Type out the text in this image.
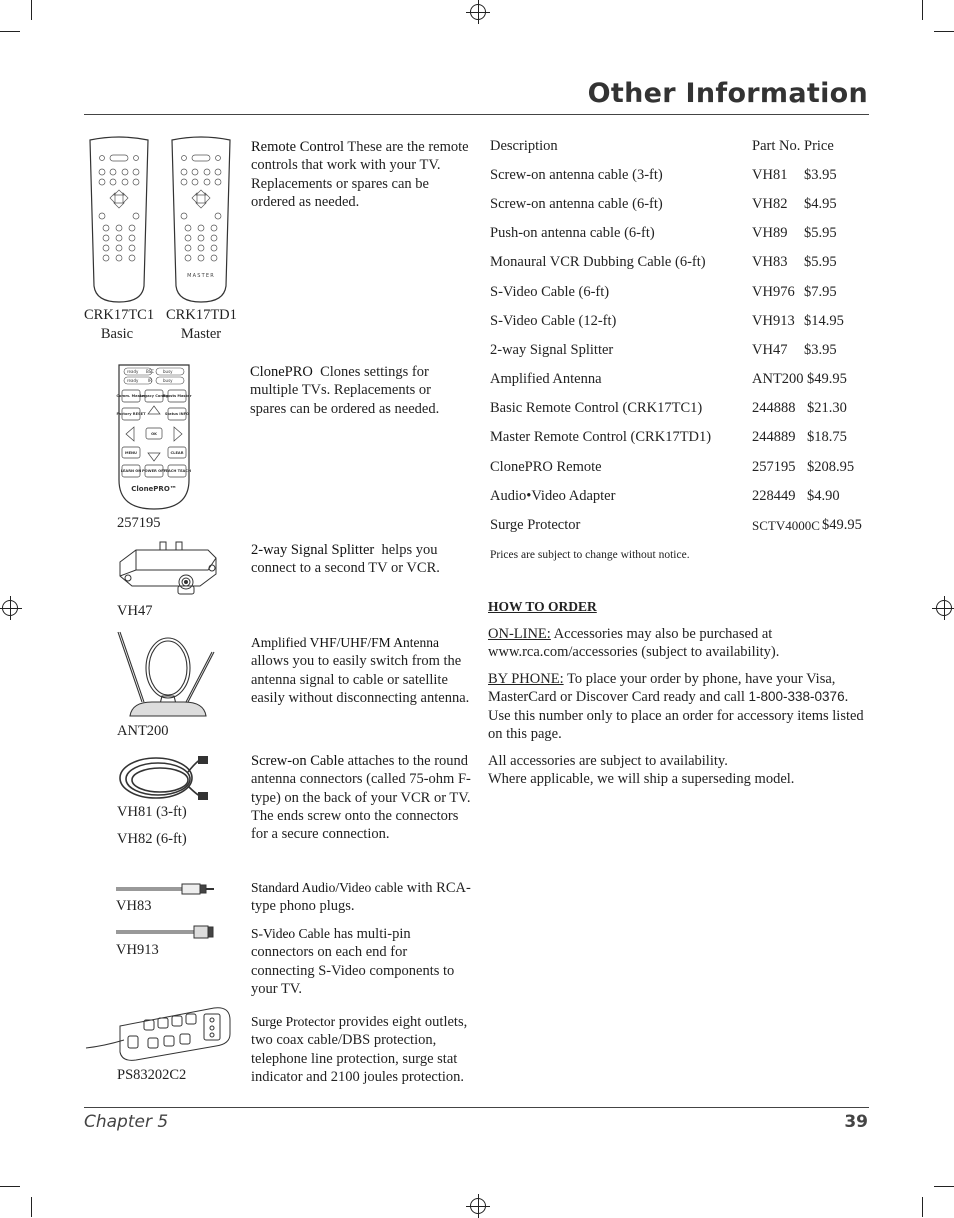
Other Information
MASTER
CRK17TC1
Basic
CRK17TD1
Master
Remote Control These are the remote controls that work with your TV. Replacements or spares can be ordered as needed.
ready BSC busy
ready IR	busy
Comm. Master
Legacy Config
Boosts Master
Factory RESET	Status INFO
OK
MENU	CLEAR
LEARN ON POWER OFF
TEACH TEACH
ClonePRO™
257195
ClonePRO Clones settings for multiple TVs. Replacements or spares can be ordered as needed.
VH47
2-way Signal Splitter helps you connect to a second TV or VCR.
ANT200
Amplified VHF/UHF/FM Antenna allows you to easily switch from the antenna signal to cable or satellite easily without disconnecting antenna.
VH81 (3-ft)
VH82 (6-ft)
Screw-on Cable attaches to the round antenna connectors (called 75-ohm F-type) on the back of your VCR or TV. The ends screw onto the connectors for a secure connection.
VH83
Standard Audio/Video cable with RCA-type phono plugs.
VH913
S-Video Cable has multi-pin connectors on each end for connecting S-Video components to your TV.
PS83202C2
Surge Protector provides eight outlets, two coax cable/DBS protection, telephone line protection, surge stat indicator and 2100 joules protection.
Description	Part No. Price
Screw-on antenna cable (3-ft)	VH81 $3.95
Screw-on antenna cable (6-ft)	VH82 $4.95
Push-on antenna cable (6-ft)	VH89 $5.95
Monaural VCR Dubbing Cable (6-ft)	VH83 $5.95
S-Video Cable (6-ft)	VH976 $7.95
S-Video Cable (12-ft)	VH913 $14.95
2-way Signal Splitter	VH47 $3.95
Amplified Antenna	ANT200 $49.95
Basic Remote Control (CRK17TC1)	244888 $21.30
Master Remote Control (CRK17TD1)	244889 $18.75
ClonePRO Remote	257195 $208.95
Audio•Video Adapter	228449 $4.90
Surge Protector	SCTV4000C $49.95
Prices are subject to change without notice.
HOW TO ORDER
ON-LINE: Accessories may also be purchased at www.rca.com/accessories (subject to availability).
BY PHONE: To place your order by phone, have your Visa, MasterCard or Discover Card ready and call 1-800-338-0376. Use this number only to place an order for accessory items listed on this page.
All accessories are subject to availability.
Where applicable, we will ship a superseding model.
Chapter 5	39
